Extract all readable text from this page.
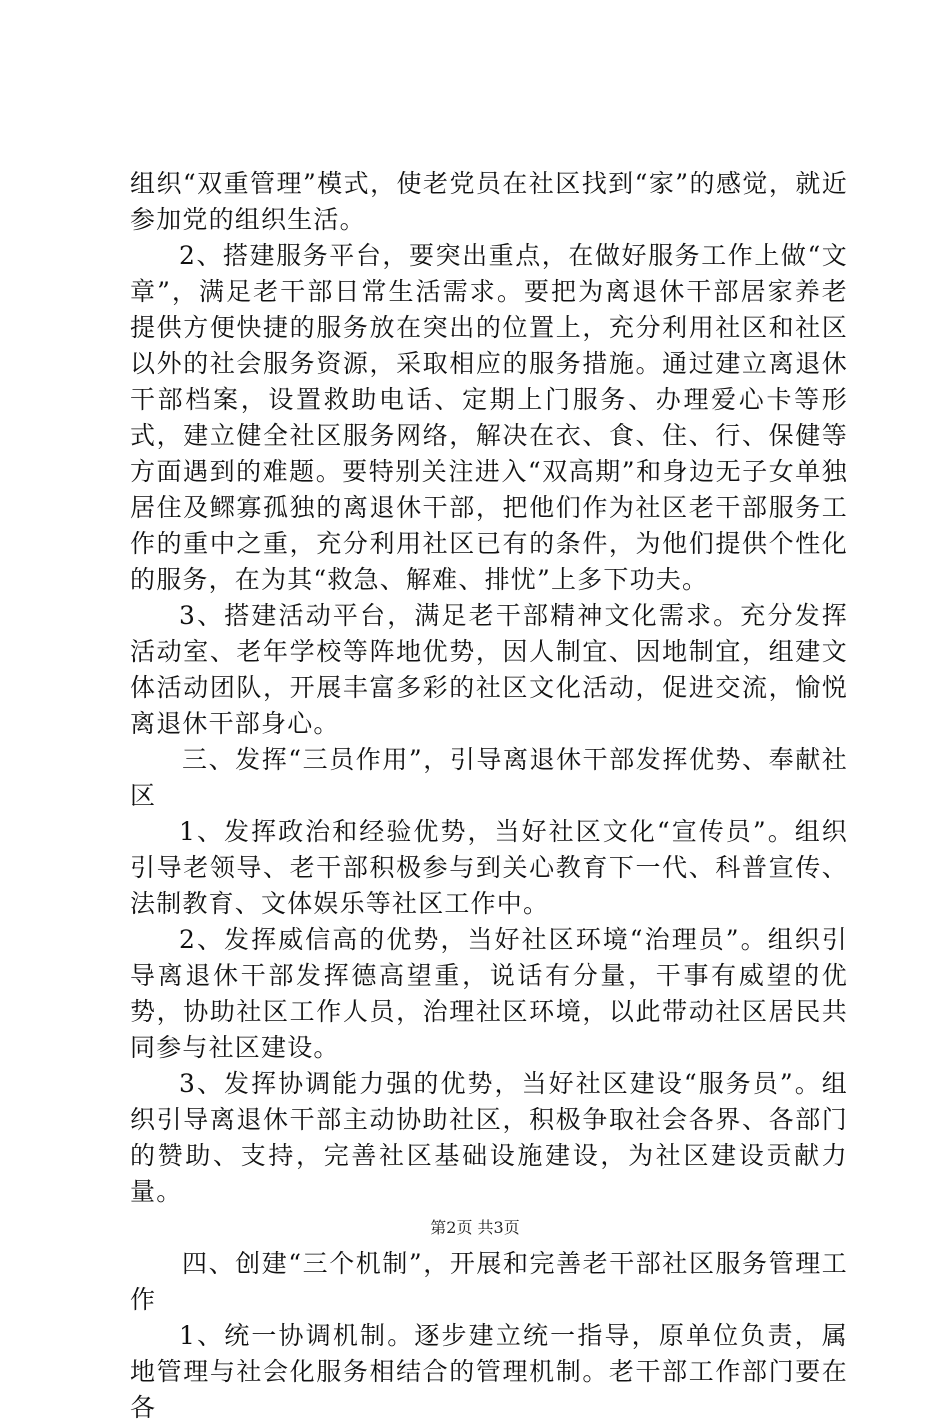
组织“双重管理”模式，使老党员在社区找到“家”的感觉，就近参加党的组织生活。

2、搭建服务平台，要突出重点，在做好服务工作上做“文章”，满足老干部日常生活需求。要把为离退休干部居家养老提供方便快捷的服务放在突出的位置上，充分利用社区和社区以外的社会服务资源，采取相应的服务措施。通过建立离退休干部档案，设置救助电话、定期上门服务、办理爱心卡等形式，建立健全社区服务网络，解决在衣、食、住、行、保健等方面遇到的难题。要特别关注进入“双高期”和身边无子女单独居住及鳏寡孤独的离退休干部，把他们作为社区老干部服务工作的重中之重，充分利用社区已有的条件，为他们提供个性化的服务，在为其“救急、解难、排忧”上多下功夫。

3、搭建活动平台，满足老干部精神文化需求。充分发挥活动室、老年学校等阵地优势，因人制宜、因地制宜，组建文体活动团队，开展丰富多彩的社区文化活动，促进交流，愉悦离退休干部身心。

三、发挥“三员作用”，引导离退休干部发挥优势、奉献社区

1、发挥政治和经验优势，当好社区文化“宣传员”。组织引导老领导、老干部积极参与到关心教育下一代、科普宣传、法制教育、文体娱乐等社区工作中。

2、发挥威信高的优势，当好社区环境“治理员”。组织引导离退休干部发挥德高望重，说话有分量，干事有威望的优势，协助社区工作人员，治理社区环境，以此带动社区居民共同参与社区建设。

3、发挥协调能力强的优势，当好社区建设“服务员”。组织引导离退休干部主动协助社区，积极争取社会各界、各部门的赞助、支持，完善社区基础设施建设，为社区建设贡献力量。

四、创建“三个机制”，开展和完善老干部社区服务管理工作

1、统一协调机制。逐步建立统一指导，原单位负责，属地管理与社会化服务相结合的管理机制。老干部工作部门要在各

第2页 共3页
